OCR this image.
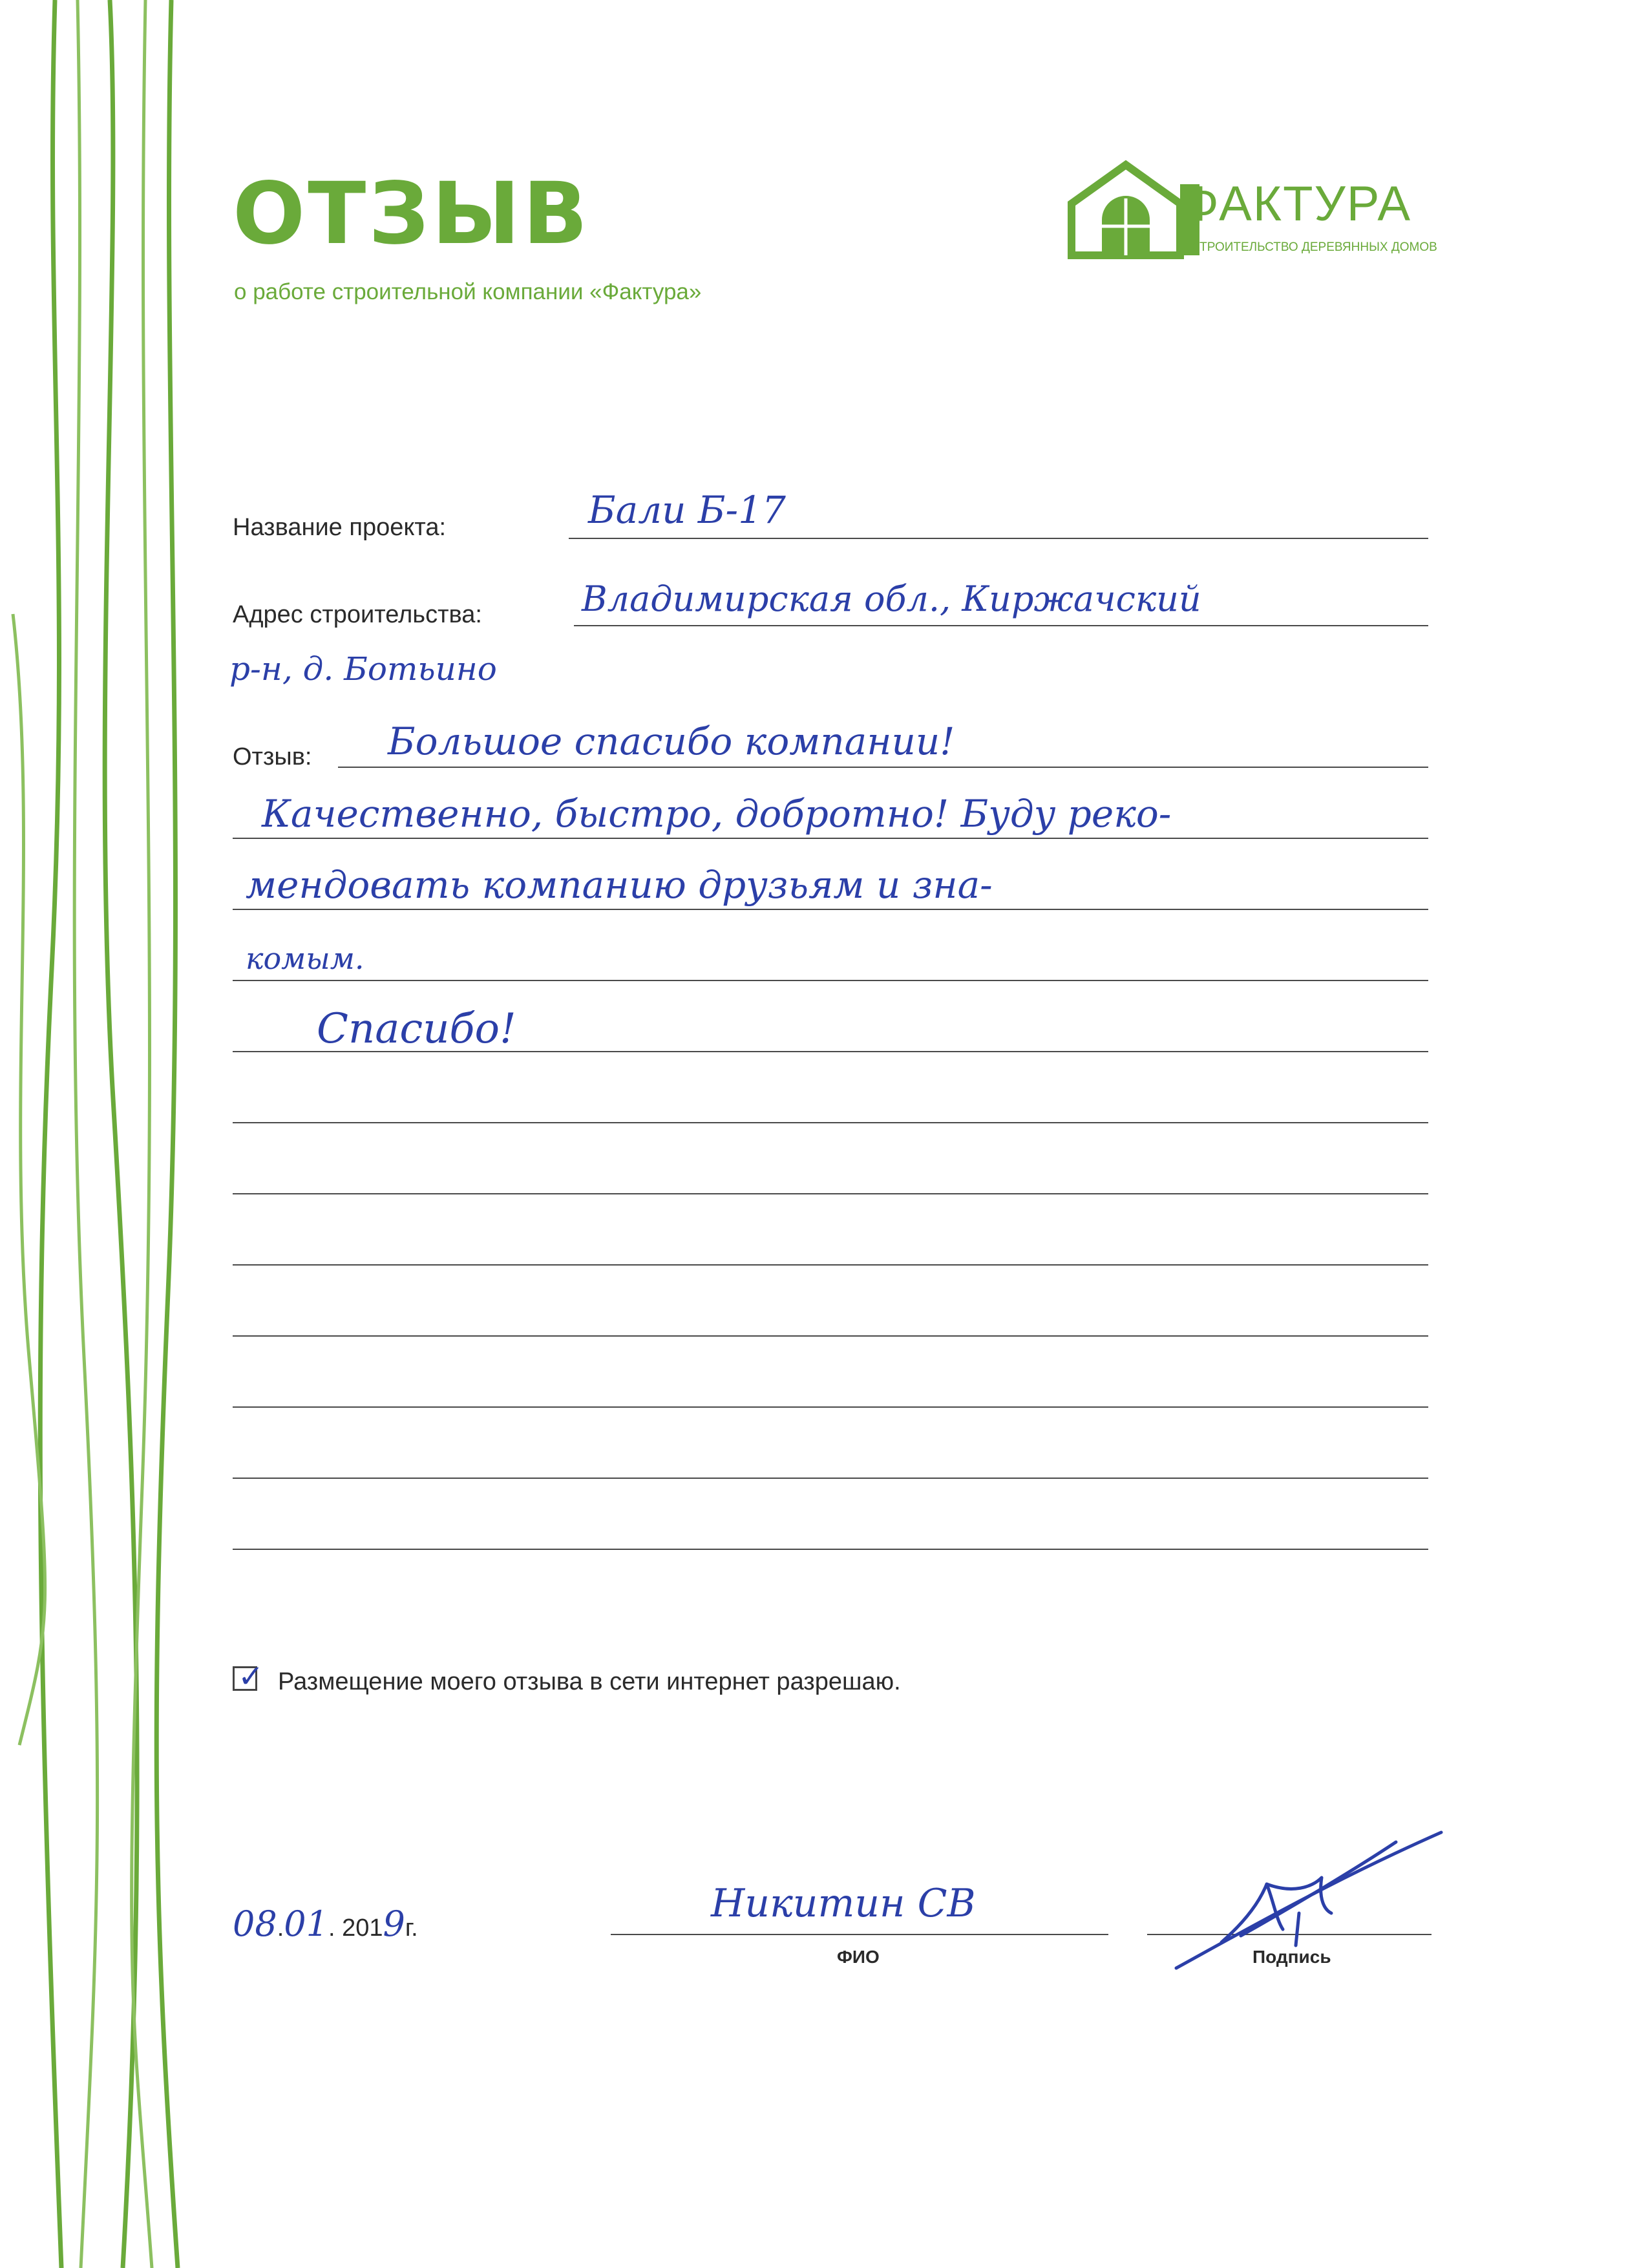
ОТЗЫВ
о работе строительной компании «Фактура»
ФАКТУРА
СТРОИТЕЛЬСТВО ДЕРЕВЯННЫХ ДОМОВ
Название проекта:	Бали Б-17
Адрес строительства:	Владимирская обл., Киржачский
р-н, д. Ботьино
Отзыв: Большое спасибо компании!
Качественно, быстро, добротно! Буду реко-
мендовать компанию друзьям и зна-
комым.
Спасибо!
✓ Размещение моего отзыва в сети интернет разрешаю.
08.01. 2019г.
Никитин СВ
ФИО	Подпись
